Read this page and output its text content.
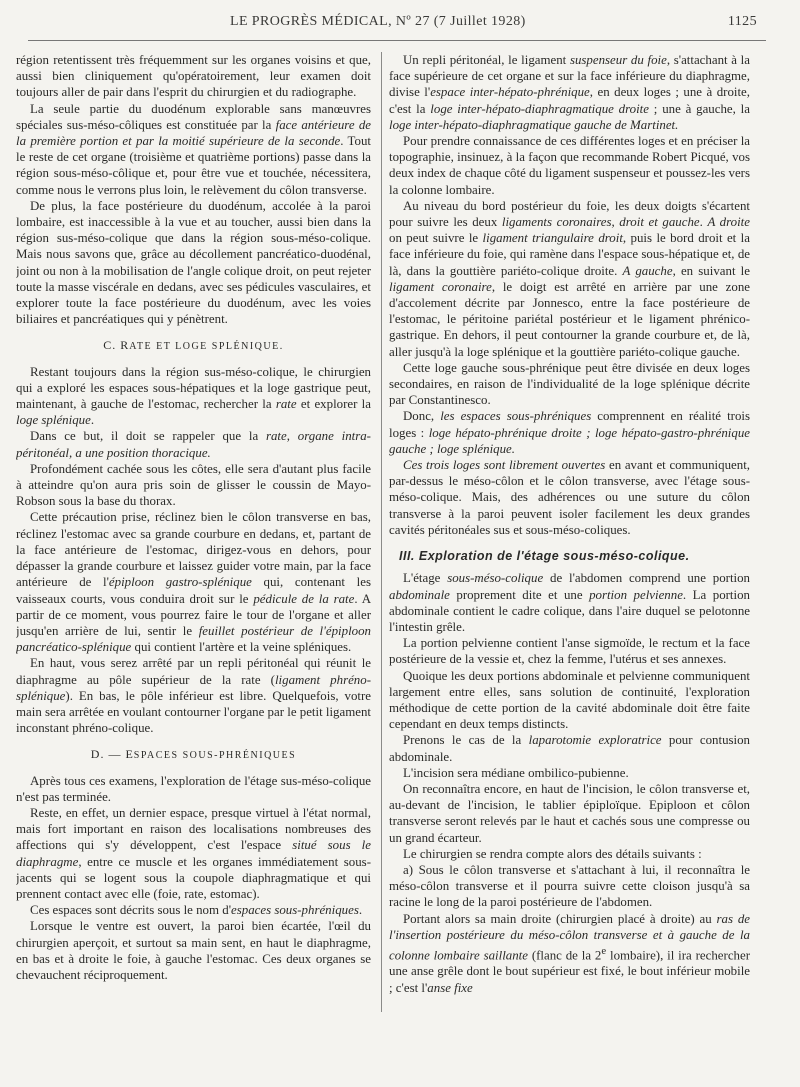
LE PROGRÈS MÉDICAL, Nº 27 (7 Juillet 1928)	1125

région retentissent très fréquemment sur les organes voisins et que, aussi bien cliniquement qu'opératoirement, leur examen doit toujours aller de pair dans l'esprit du chirurgien et du radiographe.

La seule partie du duodénum explorable sans manœuvres spéciales sus-méso-côliques est constituée par la face antérieure de la première portion et par la moitié supérieure de la seconde. Tout le reste de cet organe (troisième et quatrième portions) passe dans la région sous-méso-côlique et, pour être vue et touchée, nécessitera, comme nous le verrons plus loin, le relèvement du côlon transverse.

De plus, la face postérieure du duodénum, accolée à la paroi lombaire, est inaccessible à la vue et au toucher, aussi bien dans la région sus-méso-colique que dans la région sous-méso-colique. Mais nous savons que, grâce au décollement pancréatico-duodénal, joint ou non à la mobilisation de l'angle colique droit, on peut rejeter toute la masse viscérale en dedans, avec ses pédicules vasculaires, et explorer toute la face postérieure du duodénum, avec les voies biliaires et pancréatiques qui y pénètrent.

C. RATE ET LOGE SPLÉNIQUE.

Restant toujours dans la région sus-méso-colique, le chirurgien qui a exploré les espaces sous-hépatiques et la loge gastrique peut, maintenant, à gauche de l'estomac, rechercher la rate et explorer la loge splénique.

Dans ce but, il doit se rappeler que la rate, organe intra-péritonéal, a une position thoracique.

Profondément cachée sous les côtes, elle sera d'autant plus facile à atteindre qu'on aura pris soin de glisser le coussin de Mayo-Robson sous la base du thorax.

Cette précaution prise, réclinez bien le côlon transverse en bas, réclinez l'estomac avec sa grande courbure en dedans, et, partant de la face antérieure de l'estomac, dirigez-vous en dehors, pour dépasser la grande courbure et laissez guider votre main, par la face antérieure de l'épiploon gastro-splénique qui, contenant les vaisseaux courts, vous conduira droit sur le pédicule de la rate. A partir de ce moment, vous pourrez faire le tour de l'organe et aller jusqu'en arrière de lui, sentir le feuillet postérieur de l'épiploon pancréatico-splénique qui contient l'artère et la veine spléniques.

En haut, vous serez arrêté par un repli péritonéal qui réunit le diaphragme au pôle supérieur de la rate (ligament phréno-splénique). En bas, le pôle inférieur est libre. Quelquefois, votre main sera arrêtée en voulant contourner l'organe par le petit ligament inconstant phréno-colique.

D. — ESPACES SOUS-PHRÉNIQUES

Après tous ces examens, l'exploration de l'étage sus-méso-colique n'est pas terminée.

Reste, en effet, un dernier espace, presque virtuel à l'état normal, mais fort important en raison des localisations nombreuses des affections qui s'y développent, c'est l'espace situé sous le diaphragme, entre ce muscle et les organes immédiatement sous-jacents qui se logent sous la coupole diaphragmatique et qui prennent contact avec elle (foie, rate, estomac).

Ces espaces sont décrits sous le nom d'espaces sous-phréniques.

Lorsque le ventre est ouvert, la paroi bien écartée, l'œil du chirurgien aperçoit, et surtout sa main sent, en haut le diaphragme, en bas et à droite le foie, à gauche l'estomac. Ces deux organes se chevauchent réciproquement.

Un repli péritonéal, le ligament suspenseur du foie, s'attachant à la face supérieure de cet organe et sur la face inférieure du diaphragme, divise l'espace inter-hépato-phrénique, en deux loges ; une à droite, c'est la loge inter-hépato-diaphragmatique droite ; une à gauche, la loge inter-hépato-diaphragmatique gauche de Martinet.

Pour prendre connaissance de ces différentes loges et en préciser la topographie, insinuez, à la façon que recommande Robert Picqué, vos deux index de chaque côté du ligament suspenseur et poussez-les vers la colonne lombaire.

Au niveau du bord postérieur du foie, les deux doigts s'écartent pour suivre les deux ligaments coronaires, droit et gauche. A droite on peut suivre le ligament triangulaire droit, puis le bord droit et la face inférieure du foie, qui ramène dans l'espace sous-hépatique et, de là, dans la gouttière pariéto-colique droite. A gauche, en suivant le ligament coronaire, le doigt est arrêté en arrière par une zone d'accolement décrite par Jonnesco, entre la face postérieure de l'estomac, le péritoine pariétal postérieur et le ligament phrénico-gastrique. En dehors, il peut contourner la grande courbure et, de là, aller jusqu'à la loge splénique et la gouttière pariéto-colique gauche.

Cette loge gauche sous-phrénique peut être divisée en deux loges secondaires, en raison de l'individualité de la loge splénique décrite par Constantinesco.

Donc, les espaces sous-phréniques comprennent en réalité trois loges : loge hépato-phrénique droite ; loge hépato-gastro-phrénique gauche ; loge splénique.

Ces trois loges sont librement ouvertes en avant et communiquent, par-dessus le méso-côlon et le côlon transverse, avec l'étage sous-méso-colique. Mais, des adhérences ou une suture du côlon transverse à la paroi peuvent isoler facilement les deux grandes cavités péritonéales sus et sous-méso-coliques.

III. Exploration de l'étage sous-méso-colique.

L'étage sous-méso-colique de l'abdomen comprend une portion abdominale proprement dite et une portion pelvienne. La portion abdominale contient le cadre colique, dans l'aire duquel se pelotonne l'intestin grêle.

La portion pelvienne contient l'anse sigmoïde, le rectum et la face postérieure de la vessie et, chez la femme, l'utérus et ses annexes.

Quoique les deux portions abdominale et pelvienne communiquent largement entre elles, sans solution de continuité, l'exploration méthodique de cette portion de la cavité abdominale doit être faite cependant en deux temps distincts.

Prenons le cas de la laparotomie exploratrice pour contusion abdominale.

L'incision sera médiane ombilico-pubienne.

On reconnaîtra encore, en haut de l'incision, le côlon transverse et, au-devant de l'incision, le tablier épiploïque. Epiploon et côlon transverse seront relevés par le haut et cachés sous une compresse ou un grand écarteur.

Le chirurgien se rendra compte alors des détails suivants :

a) Sous le côlon transverse et s'attachant à lui, il reconnaîtra le méso-côlon transverse et il pourra suivre cette cloison jusqu'à sa racine le long de la paroi postérieure de l'abdomen.

Portant alors sa main droite (chirurgien placé à droite) au ras de l'insertion postérieure du méso-côlon transverse et à gauche de la colonne lombaire saillante (flanc de la 2e lombaire), il ira rechercher une anse grêle dont le bout supérieur est fixé, le bout inférieur mobile ; c'est l'anse fixe
